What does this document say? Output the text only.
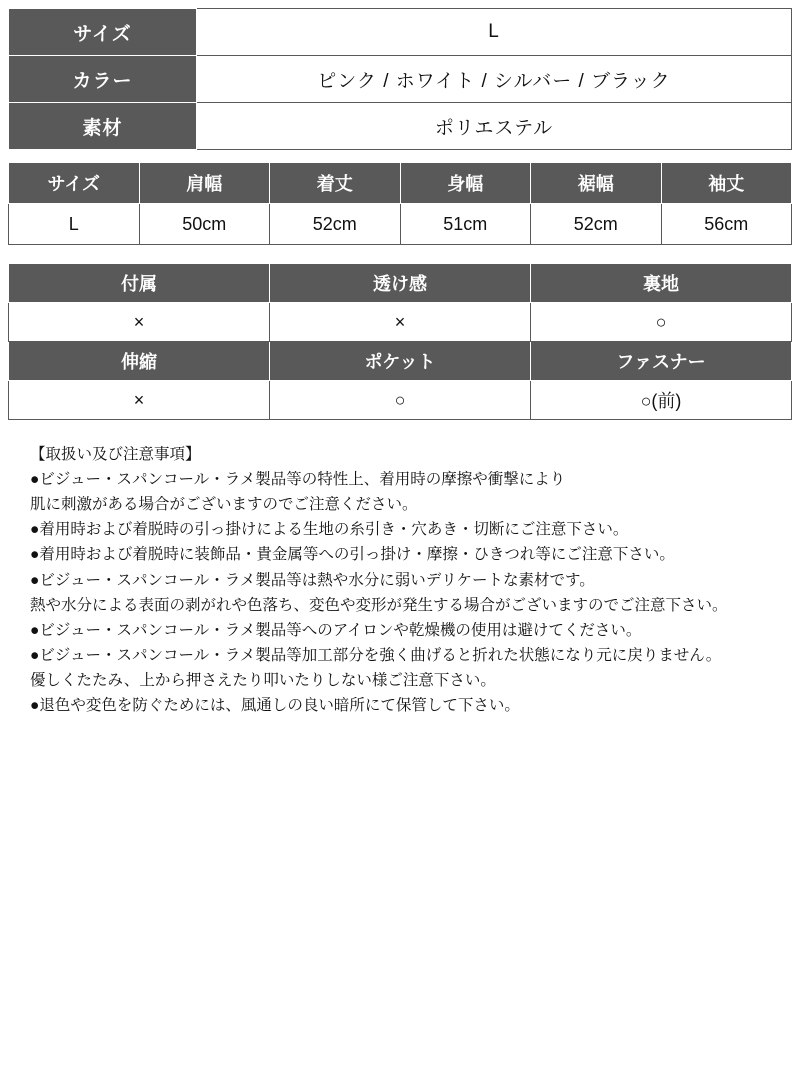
サイズ	L
カラー	ピンク / ホワイト / シルバー / ブラック
素材	ポリエステル
サイズ	肩幅	着丈	身幅	裾幅	袖丈
L	50cm	52cm	51cm	52cm	56cm
付属	透け感	裏地
×	×	○
伸縮	ポケット	ファスナー
×	○	○(前)
【取扱い及び注意事項】
●ビジュー・スパンコール・ラメ製品等の特性上、着用時の摩擦や衝撃により
肌に刺激がある場合がございますのでご注意ください。
●着用時および着脱時の引っ掛けによる生地の糸引き・穴あき・切断にご注意下さい。
●着用時および着脱時に装飾品・貴金属等への引っ掛け・摩擦・ひきつれ等にご注意下さい。
●ビジュー・スパンコール・ラメ製品等は熱や水分に弱いデリケートな素材です。
熱や水分による表面の剥がれや色落ち、変色や変形が発生する場合がございますのでご注意下さい。
●ビジュー・スパンコール・ラメ製品等へのアイロンや乾燥機の使用は避けてください。
●ビジュー・スパンコール・ラメ製品等加工部分を強く曲げると折れた状態になり元に戻りません。
優しくたたみ、上から押さえたり叩いたりしない様ご注意下さい。
●退色や変色を防ぐためには、風通しの良い暗所にて保管して下さい。
